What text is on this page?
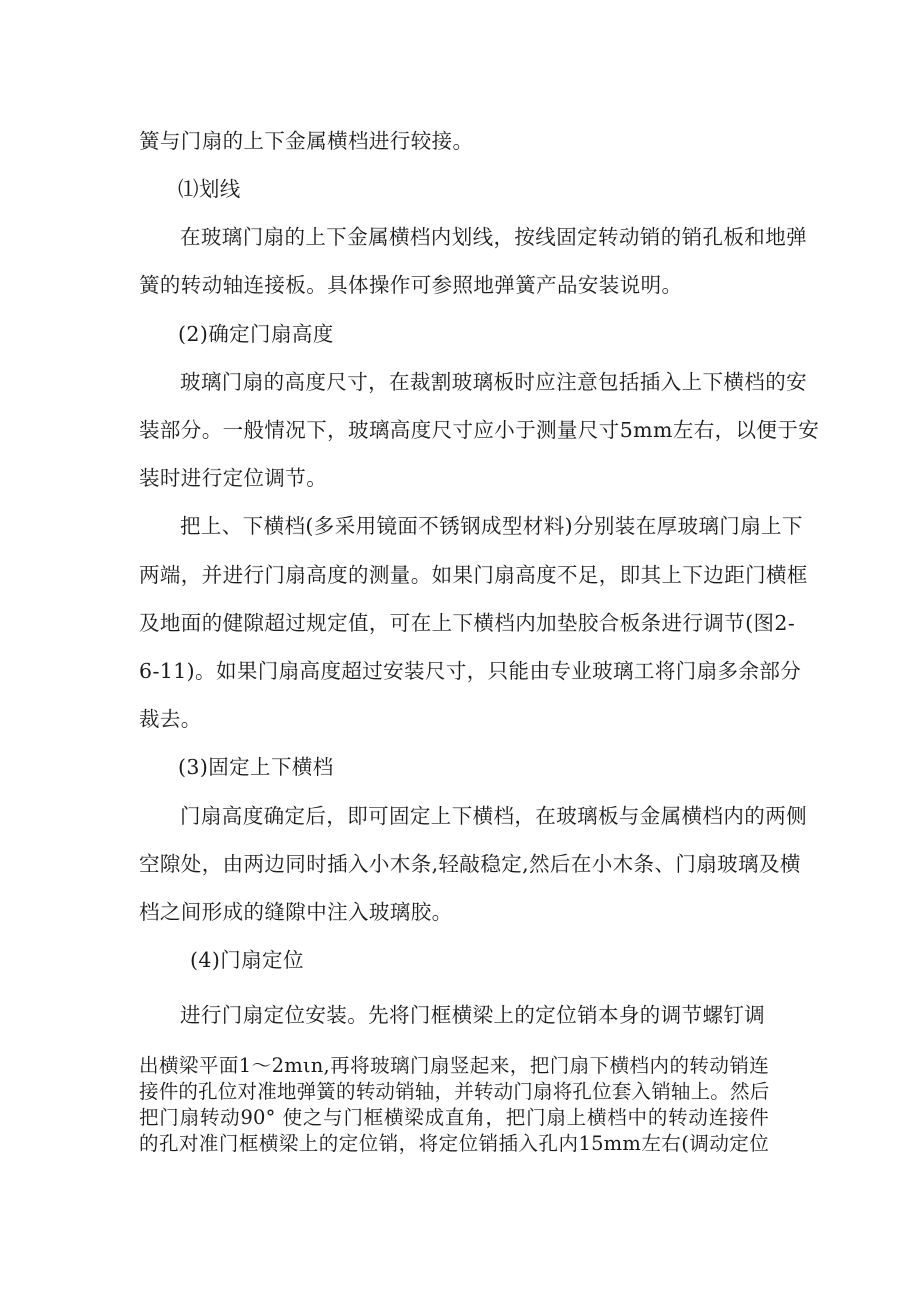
簧与门扇的上下金属横档进行较接。

⑴划线

在玻璃门扇的上下金属横档内划线，按线固定转动销的销孔板和地弹

簧的转动轴连接板。具体操作可参照地弹簧产品安装说明。

(2)确定门扇高度

玻璃门扇的高度尺寸，在裁割玻璃板时应注意包括插入上下横档的安

装部分。一般情况下，玻璃高度尺寸应小于测量尺寸5mm左右，以便于安

装时进行定位调节。

把上、下横档(多采用镜面不锈钢成型材料)分别装在厚玻璃门扇上下

两端，并进行门扇高度的测量。如果门扇高度不足，即其上下边距门横框

及地面的健隙超过规定值，可在上下横档内加垫胶合板条进行调节(图2-

6-11)。如果门扇高度超过安装尺寸，只能由专业玻璃工将门扇多余部分

裁去。

(3)固定上下横档

门扇高度确定后，即可固定上下横档，在玻璃板与金属横档内的两侧

空隙处，由两边同时插入小木条,轻敲稳定,然后在小木条、门扇玻璃及横

档之间形成的缝隙中注入玻璃胶。

(4)门扇定位

进行门扇定位安装。先将门框横梁上的定位销本身的调节螺钉调

出横梁平面1～2mιn,再将玻璃门扇竖起来，把门扇下横档内的转动销连

接件的孔位对准地弹簧的转动销轴，并转动门扇将孔位套入销轴上。然后

把门扇转动90° 使之与门框横梁成直角，把门扇上横档中的转动连接件

的孔对准门框横梁上的定位销，将定位销插入孔内15mm左右(调动定位
